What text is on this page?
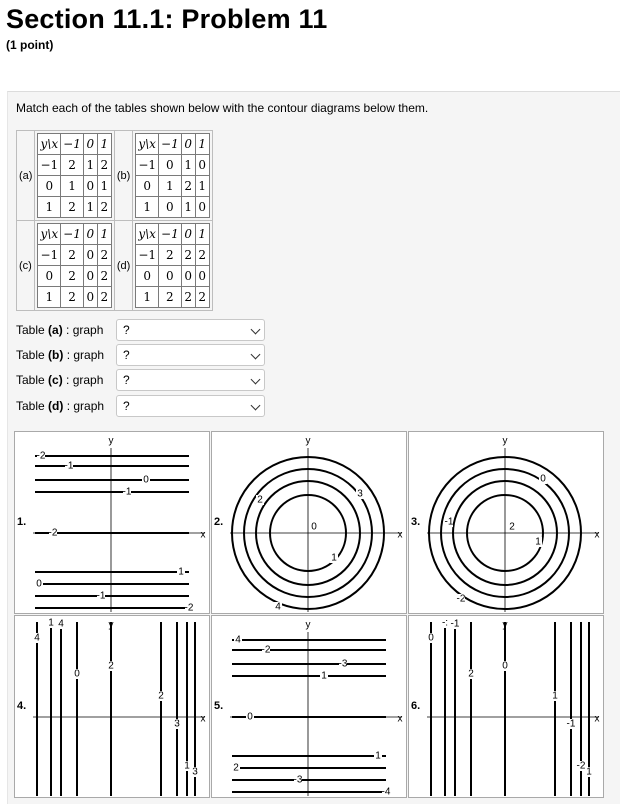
Section 11.1: Problem 11
(1 point)
Match each of the tables shown below with the contour diagrams below them.
(a)	
y\x	−1	0	1
−1	2	1	2
0	1	0	1
1	2	1	2
	(b)	
y\x	−1	0	1
−1	0	1	0
0	1	2	1
1	0	1	0

(c)	
y\x	−1	0	1
−1	2	0	2
0	2	0	2
1	2	0	2
	(d)	
y\x	−1	0	1
−1	2	2	2
0	0	0	0
1	2	2	2
Table (a) : graph	?
Table (b) : graph	?
Table (c) : graph	?
Table (d) : graph	?
1.
x
y
-2
-1
0
-1
-2
1
0
-1
-2
2.
x
y
2
3
0
1
4
3.
x
y
-1
0
2
1
-2
4.
x
y
4
1 4
0
2
2
3
1
3
5.
x
y
4
-2
-3
1
0
1
2
-3
-4
6.
x
y
0
-: -1
2
0
1
-1
-2
1
